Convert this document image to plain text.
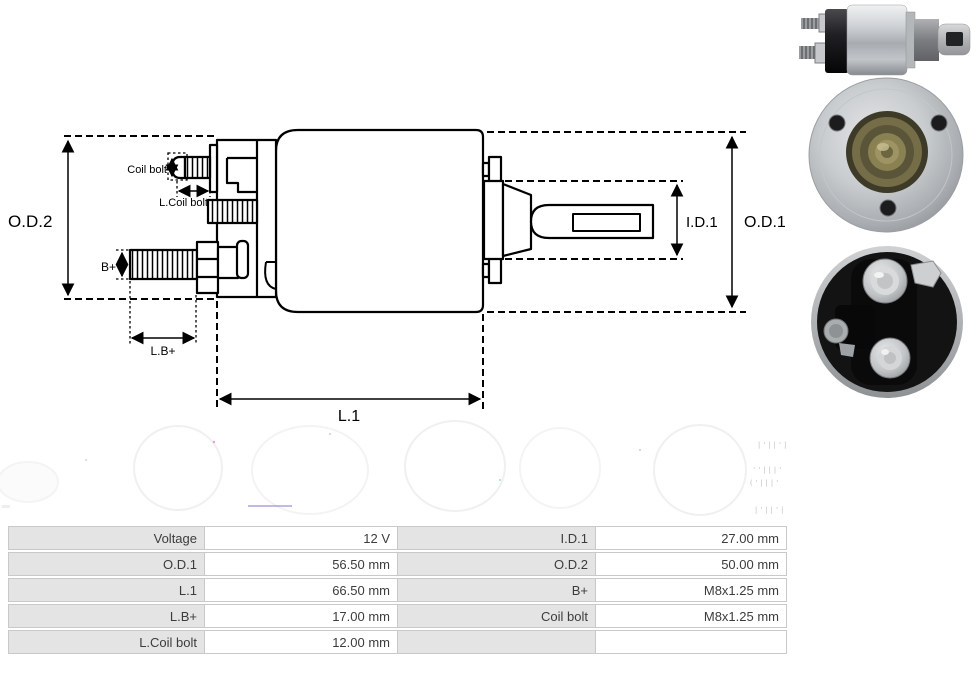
O.D.2
Coil bolt
L.Coil bolt
B+
L.B+
L.1
I.D.1 O.D.1
|'||'|
''|||'
('|||'
|'||'|
Voltage	12 V	I.D.1	27.00 mm
O.D.1	56.50 mm	O.D.2	50.00 mm
L.1	66.50 mm	B+	M8x1.25 mm
L.B+	17.00 mm	Coil bolt	M8x1.25 mm
L.Coil bolt	12.00 mm
